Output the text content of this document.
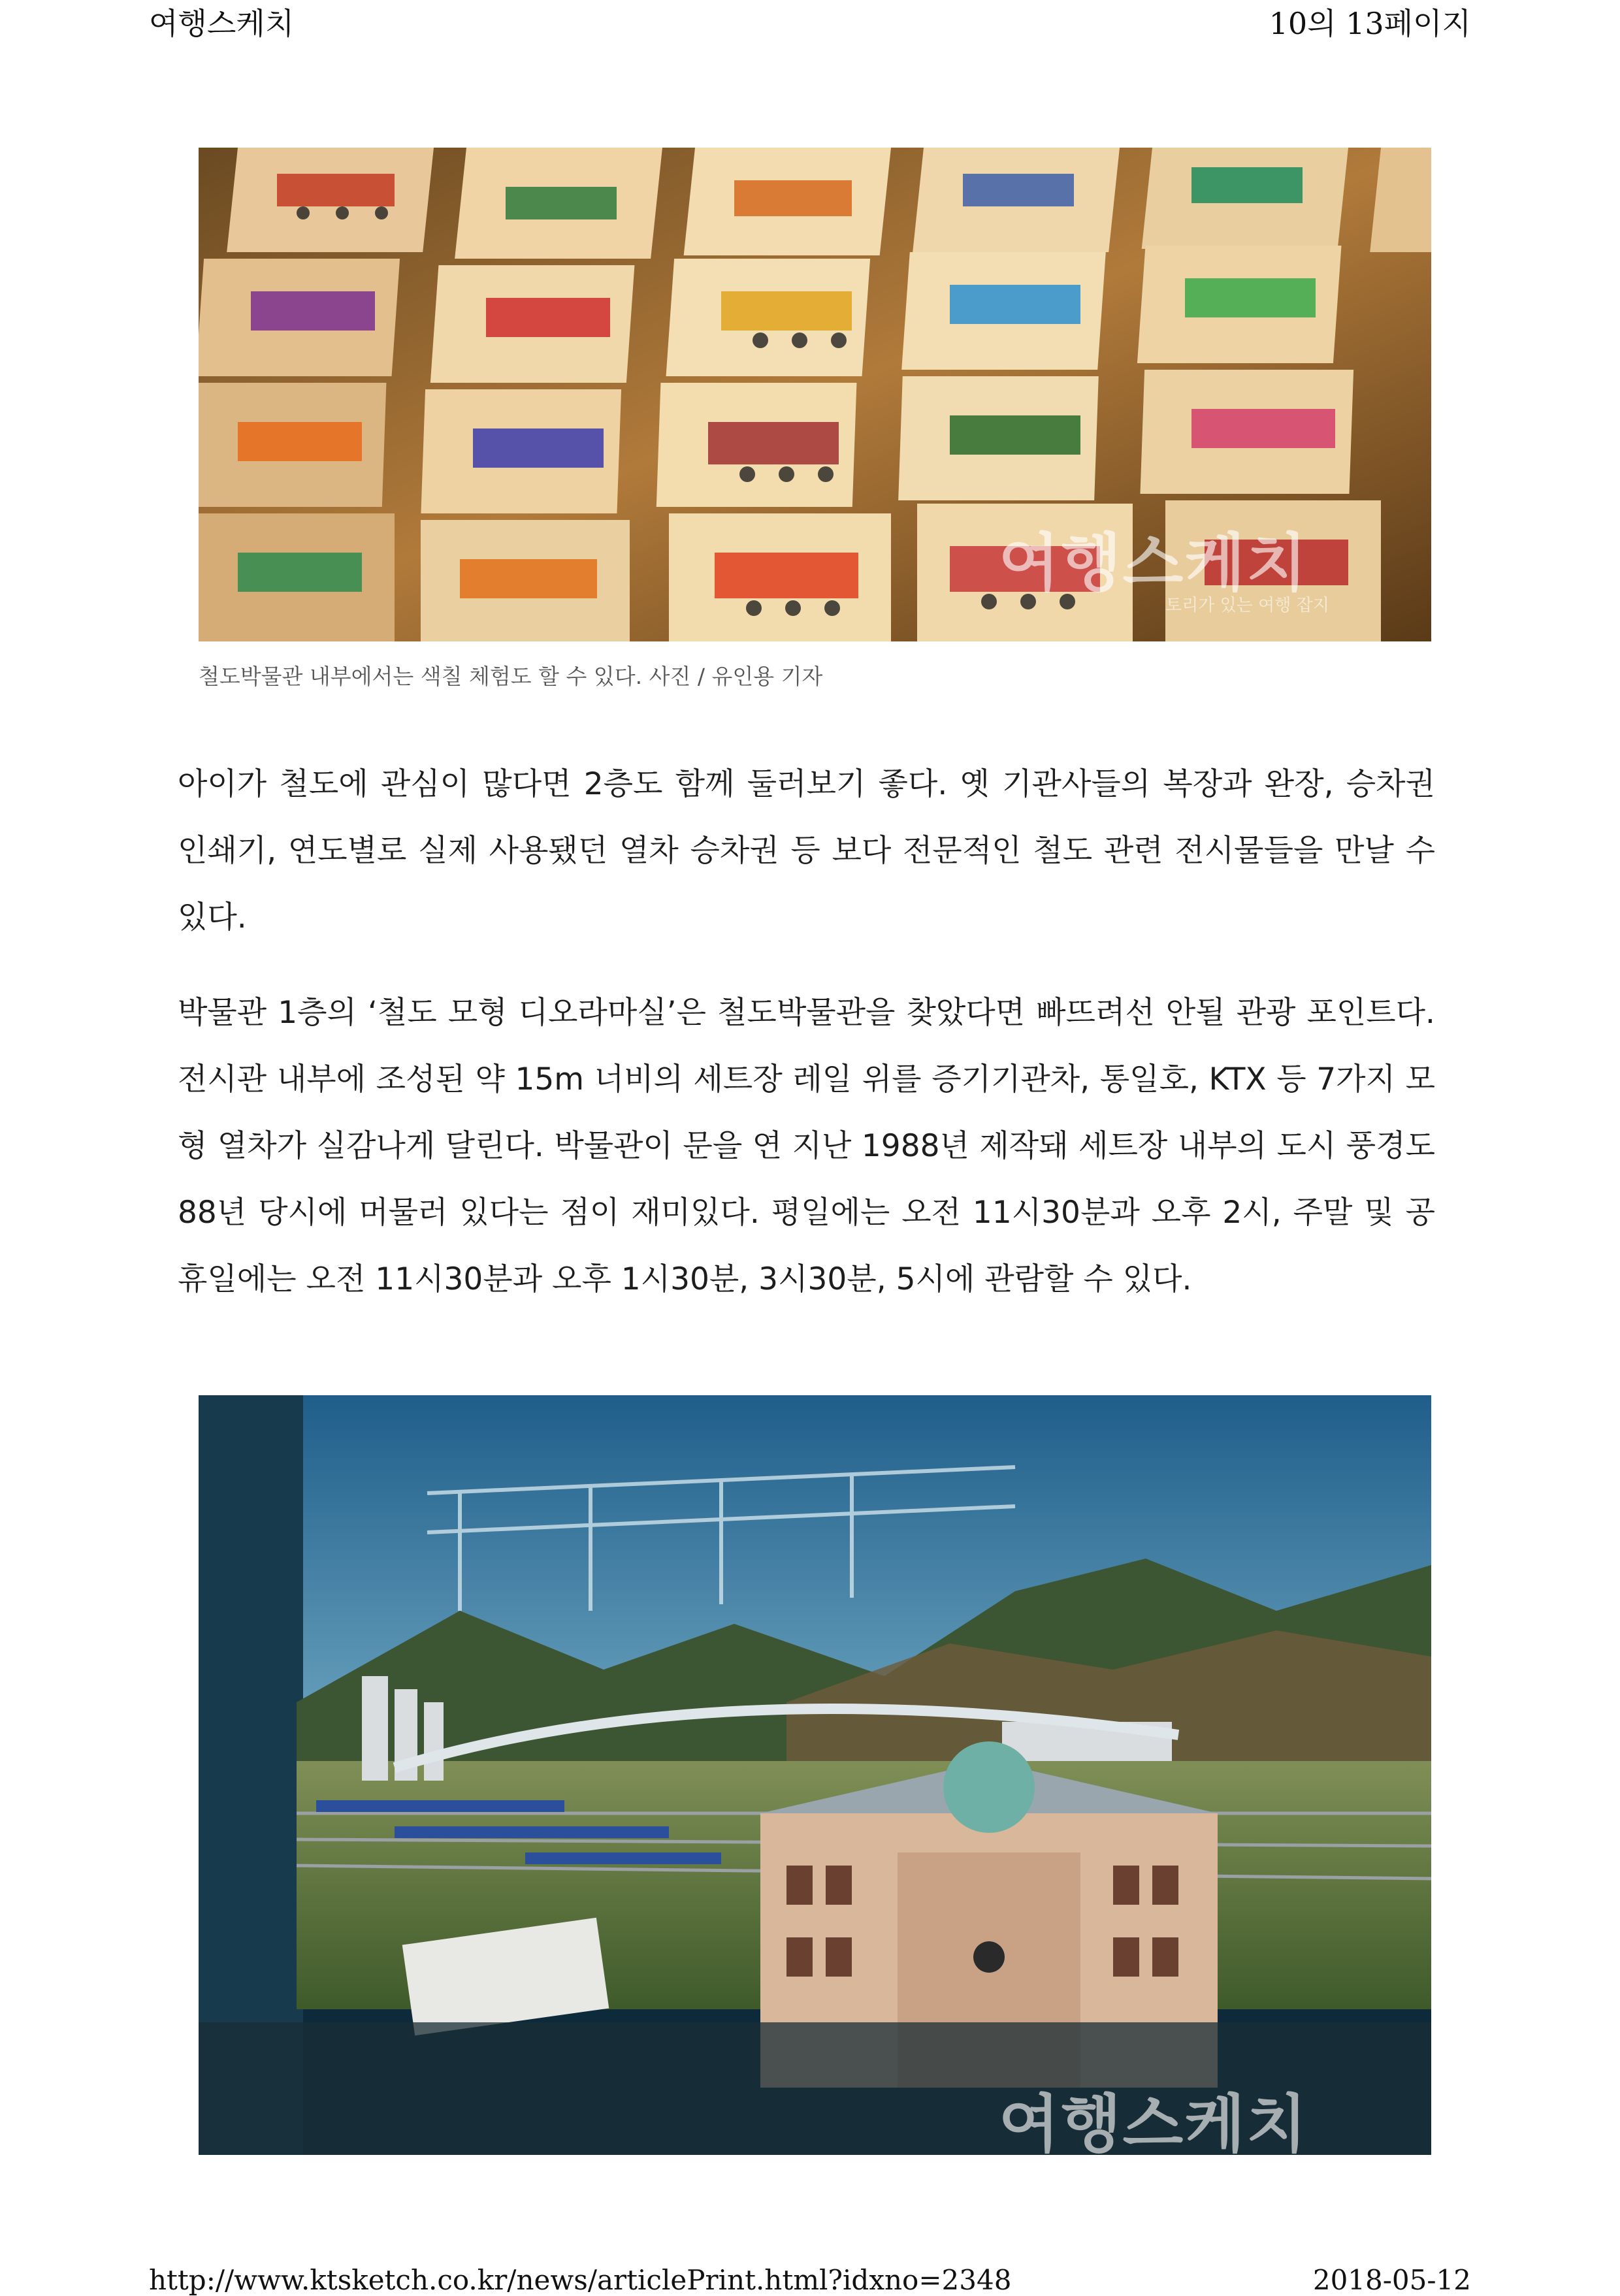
여행스케치	10의 13페이지
여행스케치
토리가 있는 여행 잡지
철도박물관 내부에서는 색칠 체험도 할 수 있다. 사진 / 유인용 기자

아이가 철도에 관심이 많다면 2층도 함께 둘러보기 좋다. 옛 기관사들의 복장과 완장, 승차권 인쇄기, 연도별로 실제 사용됐던 열차 승차권 등 보다 전문적인 철도 관련 전시물들을 만날 수 있다.

박물관 1층의 ‘철도 모형 디오라마실’은 철도박물관을 찾았다면 빠뜨려선 안될 관광 포인트다. 전시관 내부에 조성된 약 15m 너비의 세트장 레일 위를 증기기관차, 통일호, KTX 등 7가지 모형 열차가 실감나게 달린다. 박물관이 문을 연 지난 1988년 제작돼 세트장 내부의 도시 풍경도 88년 당시에 머물러 있다는 점이 재미있다. 평일에는 오전 11시30분과 오후 2시, 주말 및 공휴일에는 오전 11시30분과 오후 1시30분, 3시30분, 5시에 관람할 수 있다.

여행스케치
http://www.ktsketch.co.kr/news/articlePrint.html?idxno=2348	2018-05-12
